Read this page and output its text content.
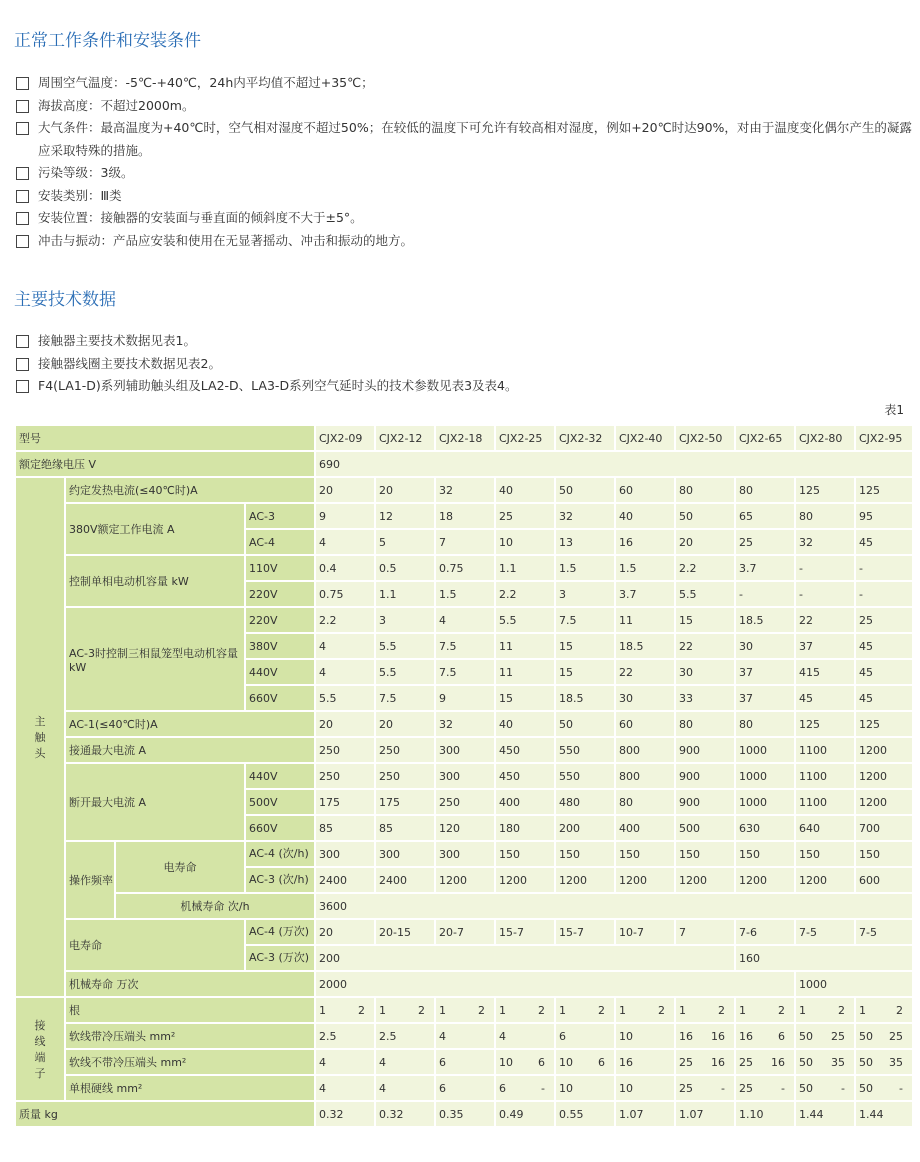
正常工作条件和安装条件
周围空气温度：-5℃-+40℃，24h内平均值不超过+35℃；
海拔高度：不超过2000m。
大气条件：最高温度为+40℃时，空气相对湿度不超过50%；在较低的温度下可允许有较高相对湿度，例如+20℃时达90%，对由于温度变化偶尔产生的凝露应采取特殊的措施。
污染等级：3级。
安装类别：Ⅲ类
安装位置：接触器的安装面与垂直面的倾斜度不大于±5°。
冲击与振动：产品应安装和使用在无显著摇动、冲击和振动的地方。
主要技术数据
接触器主要技术数据见表1。
接触器线圈主要技术数据见表2。
F4(LA1-D)系列辅助触头组及LA2-D、LA3-D系列空气延时头的技术参数见表3及表4。
表1
型号				CJX2-09	CJX2-12	CJX2-18	CJX2-25	CJX2-32	CJX2-40	CJX2-50	CJX2-65	CJX2-80	CJX2-95
额定绝缘电压 V				690									
主
触
头	约定发热电流(≤40℃时)A			20	20	32	40	50	60	80	80	125	125
	380V额定工作电流 A		AC-3	9	12	18	25	32	40	50	65	80	95
			AC-4	4	5	7	10	13	16	20	25	32	45
	控制单相电动机容量 kW		110V	0.4	0.5	0.75	1.1	1.5	1.5	2.2	3.7	-	-
			220V	0.75	1.1	1.5	2.2	3	3.7	5.5	-	-	-
	AC-3时控制三相鼠笼型电动机容量 kW		220V	2.2	3	4	5.5	7.5	11	15	18.5	22	25
			380V	4	5.5	7.5	11	15	18.5	22	30	37	45
			440V	4	5.5	7.5	11	15	22	30	37	415	45
			660V	5.5	7.5	9	15	18.5	30	33	37	45	45
	AC-1(≤40℃时)A			20	20	32	40	50	60	80	80	125	125
	接通最大电流 A			250	250	300	450	550	800	900	1000	1100	1200
	断开最大电流 A		440V	250	250	300	450	550	800	900	1000	1100	1200
			500V	175	175	250	400	480	80	900	1000	1100	1200
			660V	85	85	120	180	200	400	500	630	640	700
	操作频率	电寿命	AC-4 (次/h)	300	300	300	150	150	150	150	150	150	150
			AC-3 (次/h)	2400	2400	1200	1200	1200	1200	1200	1200	1200	600
		机械寿命 次/h		3600									
	电寿命		AC-4 (万次)	20	20-15	20-7	15-7	15-7	10-7	7	7-6	7-5	7-5
			AC-3 (万次)	200							160		
	机械寿命 万次			2000								1000	
接
线
端
子	根			1 2	1 2	1 2	1 2	1 2	1 2	1 2	1 2	1 2	1 2

	软线带冷压端头 mm²			2.5	2.5	4	4	6	10	16 16	16 6	50 25	50 25

	软线不带冷压端头 mm²			4	4	6	10 6	10 6	16	25 16	25 16	50 35	50 35

	单根硬线 mm²			4	4	6	6 -	10	10	25 -	25 -	50 -	50 -

质量 kg				0.32	0.32	0.35	0.49	0.55	1.07	1.07	1.10	1.44	1.44
